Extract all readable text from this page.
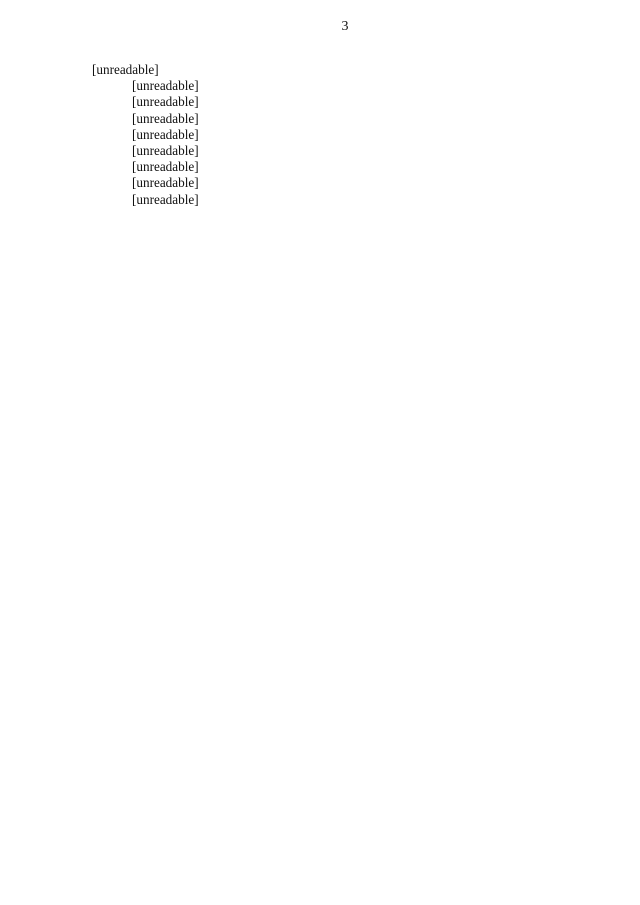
3

[unreadable]

[unreadable]

[unreadable]

[unreadable]

[unreadable]

[unreadable]

[unreadable]

[unreadable]

[unreadable]
